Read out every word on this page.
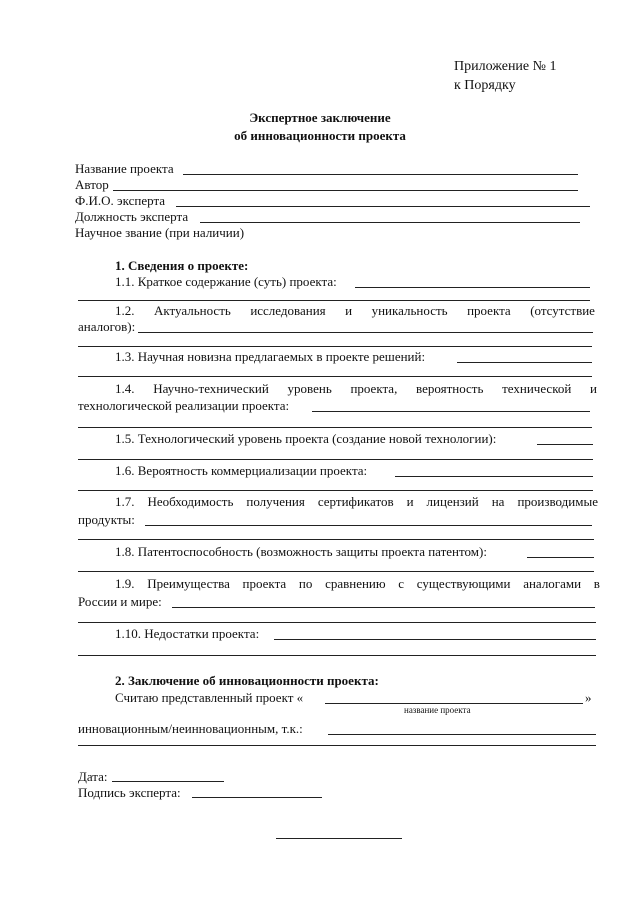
Приложение № 1
к Порядку
Экспертное заключение
об инновационности проекта
Название проекта
Автор
Ф.И.О. эксперта
Должность эксперта
Научное звание (при наличии)
1. Сведения о проекте:
1.1. Краткое содержание (суть) проекта:
1.2. Актуальность исследования и уникальность проекта (отсутствие
аналогов):
1.3. Научная новизна предлагаемых в проекте решений:
1.4. Научно-технический уровень проекта, вероятность технической и
технологической реализации проекта:
1.5. Технологический уровень проекта (создание новой технологии):
1.6. Вероятность коммерциализации проекта:
1.7. Необходимость получения сертификатов и лицензий на производимые
продукты:
1.8. Патентоспособность (возможность защиты проекта патентом):
1.9. Преимущества проекта по сравнению с существующими аналогами в
России и мире:
1.10. Недостатки проекта:
2. Заключение об инновационности проекта:
Считаю представленный проект «	»
название проекта
инновационным/неинновационным, т.к.:
Дата:
Подпись эксперта:
